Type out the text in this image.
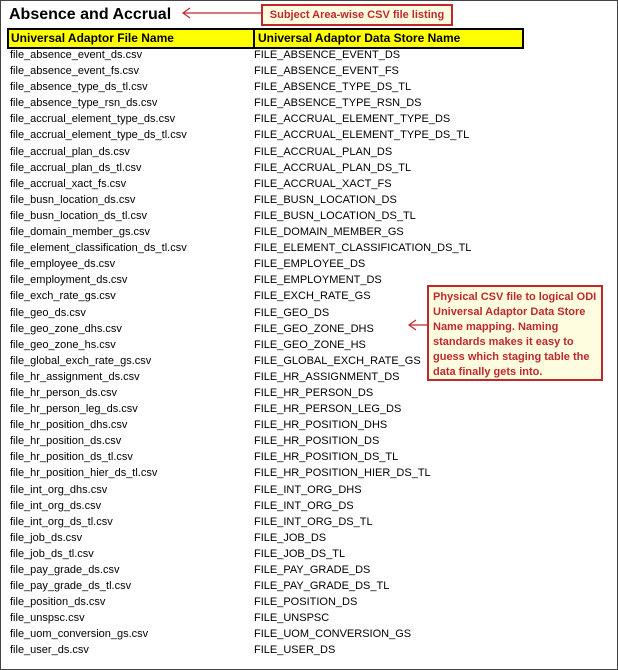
Absence and Accrual	Subject Area-wise CSV file listing
Universal Adaptor File Name	Universal Adaptor Data Store Name
file_absence_event_ds.csv	FILE_ABSENCE_EVENT_DS
file_absence_event_fs.csv	FILE_ABSENCE_EVENT_FS
file_absence_type_ds_tl.csv	FILE_ABSENCE_TYPE_DS_TL
file_absence_type_rsn_ds.csv	FILE_ABSENCE_TYPE_RSN_DS
file_accrual_element_type_ds.csv	FILE_ACCRUAL_ELEMENT_TYPE_DS
file_accrual_element_type_ds_tl.csv	FILE_ACCRUAL_ELEMENT_TYPE_DS_TL
file_accrual_plan_ds.csv	FILE_ACCRUAL_PLAN_DS
file_accrual_plan_ds_tl.csv	FILE_ACCRUAL_PLAN_DS_TL
file_accrual_xact_fs.csv	FILE_ACCRUAL_XACT_FS
file_busn_location_ds.csv	FILE_BUSN_LOCATION_DS
file_busn_location_ds_tl.csv	FILE_BUSN_LOCATION_DS_TL
file_domain_member_gs.csv	FILE_DOMAIN_MEMBER_GS
file_element_classification_ds_tl.csv	FILE_ELEMENT_CLASSIFICATION_DS_TL
file_employee_ds.csv	FILE_EMPLOYEE_DS
file_employment_ds.csv	FILE_EMPLOYMENT_DS
file_exch_rate_gs.csv	FILE_EXCH_RATE_GS
file_geo_ds.csv	FILE_GEO_DS
file_geo_zone_dhs.csv	FILE_GEO_ZONE_DHS
file_geo_zone_hs.csv	FILE_GEO_ZONE_HS
file_global_exch_rate_gs.csv	FILE_GLOBAL_EXCH_RATE_GS
file_hr_assignment_ds.csv	FILE_HR_ASSIGNMENT_DS
file_hr_person_ds.csv	FILE_HR_PERSON_DS
file_hr_person_leg_ds.csv	FILE_HR_PERSON_LEG_DS
file_hr_position_dhs.csv	FILE_HR_POSITION_DHS
file_hr_position_ds.csv	FILE_HR_POSITION_DS
file_hr_position_ds_tl.csv	FILE_HR_POSITION_DS_TL
file_hr_position_hier_ds_tl.csv	FILE_HR_POSITION_HIER_DS_TL
file_int_org_dhs.csv	FILE_INT_ORG_DHS
file_int_org_ds.csv	FILE_INT_ORG_DS
file_int_org_ds_tl.csv	FILE_INT_ORG_DS_TL
file_job_ds.csv	FILE_JOB_DS
file_job_ds_tl.csv	FILE_JOB_DS_TL
file_pay_grade_ds.csv	FILE_PAY_GRADE_DS
file_pay_grade_ds_tl.csv	FILE_PAY_GRADE_DS_TL
file_position_ds.csv	FILE_POSITION_DS
file_unspsc.csv	FILE_UNSPSC
file_uom_conversion_gs.csv	FILE_UOM_CONVERSION_GS
file_user_ds.csv	FILE_USER_DS
Physical CSV file to logical ODI Universal Adaptor Data Store Name mapping. Naming standards makes it easy to guess which staging table the data finally gets into.
